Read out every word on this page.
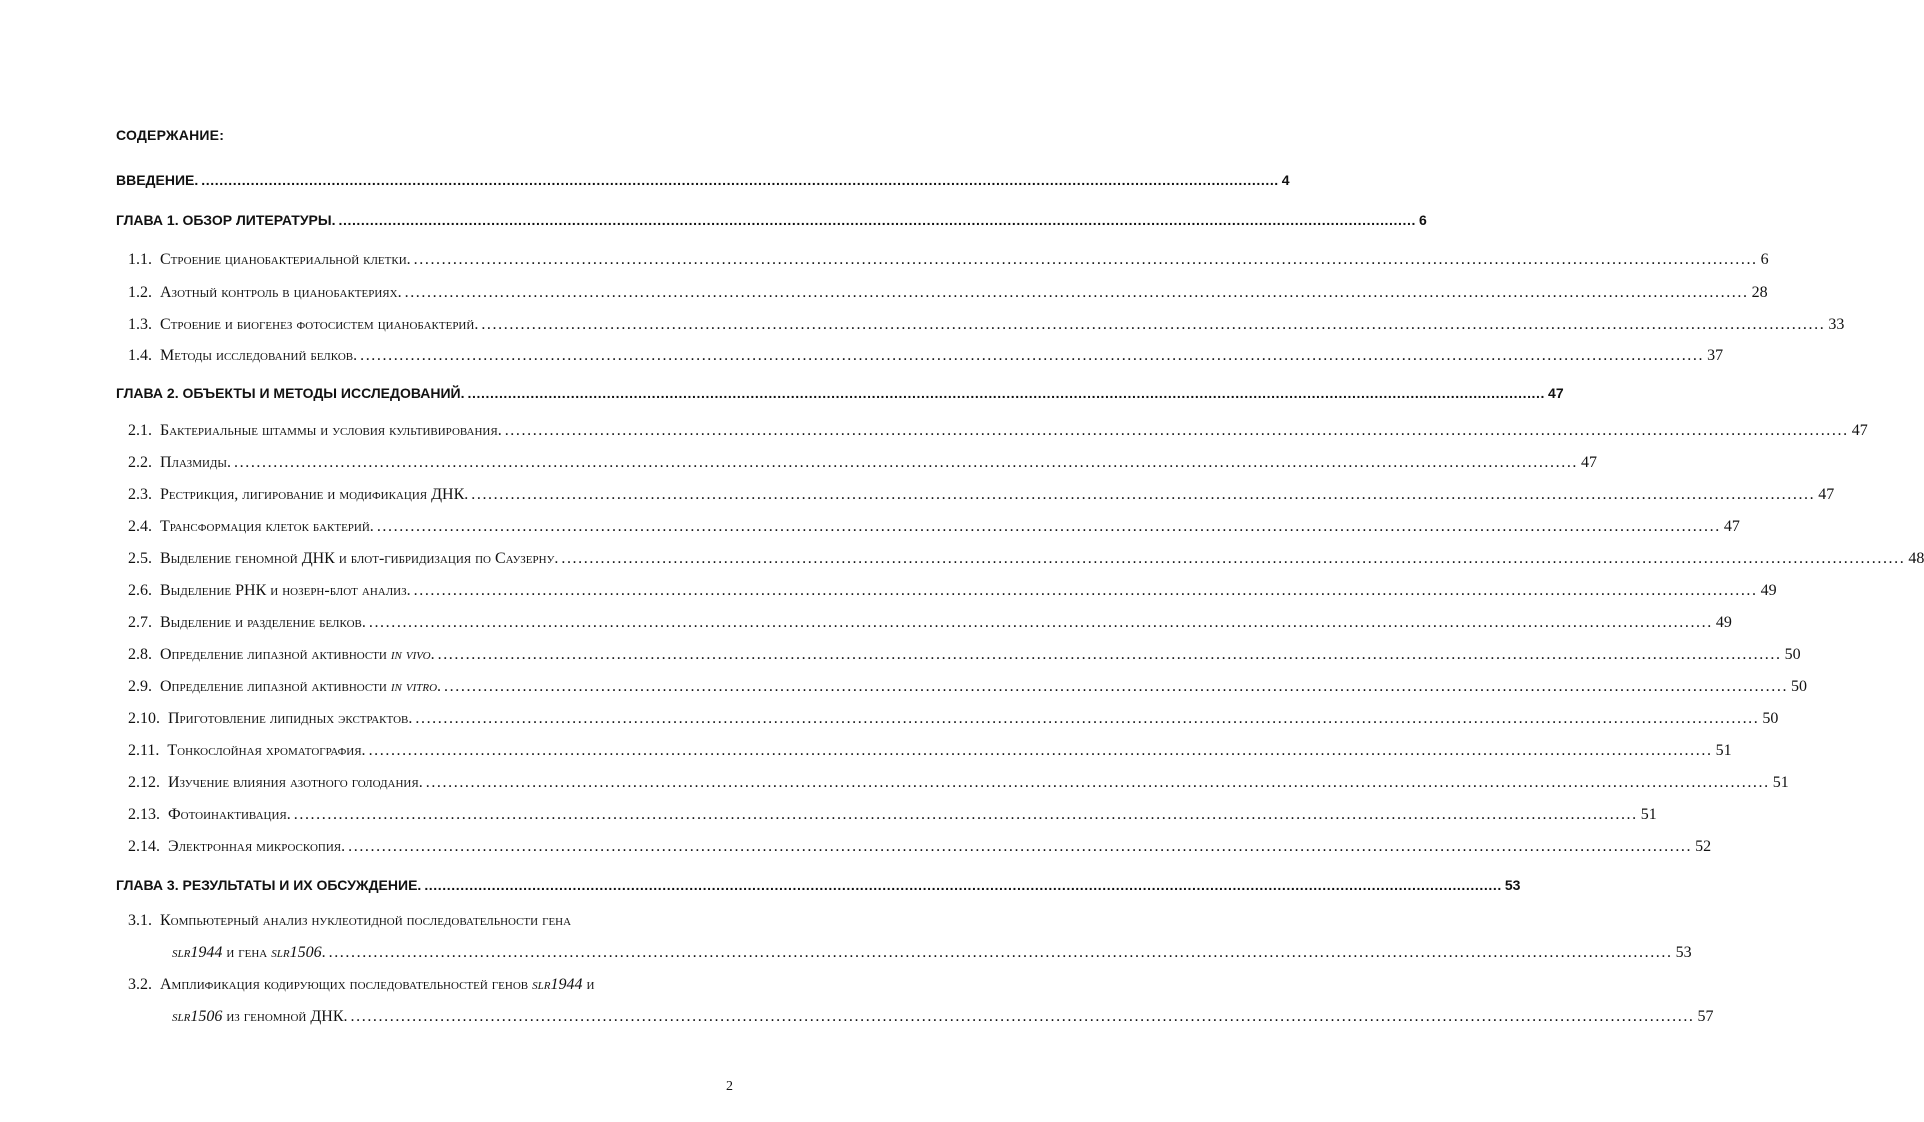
СОДЕРЖАНИЕ:
ВВЕДЕНИЕ. ................................................................................................................................................................................................................................................ 4
ГЛАВА 1. ОБЗОР ЛИТЕРАТУРЫ. ................................................................................................................................................................................................................................................ 6
1.1. Строение цианобактериальной клетки. ................................................................................................................................................................................................................................................ 6
1.2. Азотный контроль в цианобактериях. ................................................................................................................................................................................................................................................ 28
1.3. Строение и биогенез фотосистем цианобактерий. ................................................................................................................................................................................................................................................ 33
1.4. Методы исследований белков. ................................................................................................................................................................................................................................................ 37
ГЛАВА 2. ОБЪЕКТЫ И МЕТОДЫ ИССЛЕДОВАНИЙ. ................................................................................................................................................................................................................................................ 47
2.1. Бактериальные штаммы и условия культивирования. ................................................................................................................................................................................................................................................ 47
2.2. Плазмиды. ................................................................................................................................................................................................................................................ 47
2.3. Рестрикция, лигирование и модификация ДНК. ................................................................................................................................................................................................................................................ 47
2.4. Трансформация клеток бактерий. ................................................................................................................................................................................................................................................ 47
2.5. Выделение геномной ДНК и блот-гибридизация по Саузерну. ................................................................................................................................................................................................................................................ 48
2.6. Выделение РНК и нозерн-блот анализ. ................................................................................................................................................................................................................................................ 49
2.7. Выделение и разделение белков. ................................................................................................................................................................................................................................................ 49
2.8. Определение липазной активности in vivo. ................................................................................................................................................................................................................................................ 50
2.9. Определение липазной активности in vitro. ................................................................................................................................................................................................................................................ 50
2.10. Приготовление липидных экстрактов. ................................................................................................................................................................................................................................................ 50
2.11. Тонкослойная хроматография. ................................................................................................................................................................................................................................................ 51
2.12. Изучение влияния азотного голодания. ................................................................................................................................................................................................................................................ 51
2.13. Фотоинактивация. ................................................................................................................................................................................................................................................ 51
2.14. Электронная микроскопия. ................................................................................................................................................................................................................................................ 52
ГЛАВА 3. РЕЗУЛЬТАТЫ И ИХ ОБСУЖДЕНИЕ. ................................................................................................................................................................................................................................................ 53
3.1. Компьютерный анализ нуклеотидной последовательности гена
slr1944 и гена slr1506. ................................................................................................................................................................................................................................................ 53
3.2. Амплификация кодирующих последовательностей генов slr1944 и
slr1506 из геномной ДНК. ................................................................................................................................................................................................................................................ 57
2
